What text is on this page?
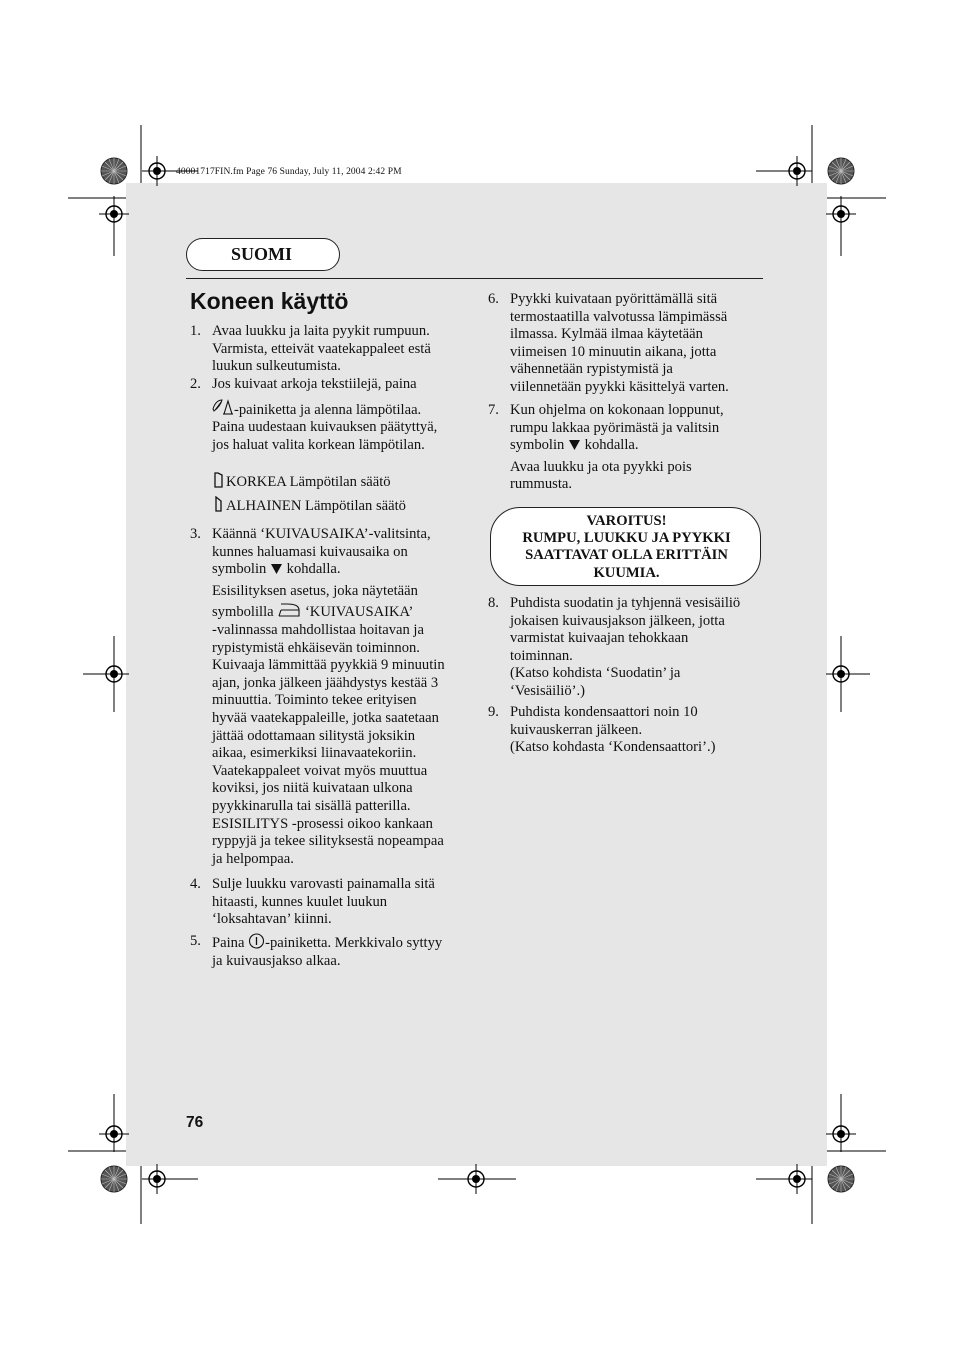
40001717FIN.fm Page 76 Sunday, July 11, 2004 2:42 PM
SUOMI
Koneen käyttö
1. Avaa luukku ja laita pyykit rumpuun.
Varmista, etteivät vaatekappaleet estä
luukun sulkeutumista.
2. Jos kuivaat arkoja tekstiilejä, paina
-painiketta ja alenna lämpötilaa.
Paina uudestaan kuivauksen päätyttyä,
jos haluat valita korkean lämpötilan.
KORKEA Lämpötilan säätö
ALHAINEN Lämpötilan säätö
3. Käännä ‘KUIVAUSAIKA’-valitsinta,
kunnes haluamasi kuivausaika on
symbolin kohdalla.
Esisilityksen asetus, joka näytetään
symbolilla ‘KUIVAUSAIKA’
-valinnassa mahdollistaa hoitavan ja
rypistymistä ehkäisevän toiminnon.
Kuivaaja lämmittää pyykkiä 9 minuutin
ajan, jonka jälkeen jäähdystys kestää 3
minuuttia. Toiminto tekee erityisen
hyvää vaatekappaleille, jotka saatetaan
jättää odottamaan silitystä joksikin
aikaa, esimerkiksi liinavaatekoriin.
Vaatekappaleet voivat myös muuttua
koviksi, jos niitä kuivataan ulkona
pyykkinarulla tai sisällä patterilla.
ESISILITYS -prosessi oikoo kankaan
ryppyjä ja tekee silityksestä nopeampaa
ja helpompaa.
4. Sulje luukku varovasti painamalla sitä
hitaasti, kunnes kuulet luukun
‘loksahtavan’ kiinni.
5. Paina -painiketta. Merkkivalo syttyy
ja kuivausjakso alkaa.
6. Pyykki kuivataan pyörittämällä sitä
termostaatilla valvotussa lämpimässä
ilmassa. Kylmää ilmaa käytetään
viimeisen 10 minuutin aikana, jotta
vähennetään rypistymistä ja
viilennetään pyykki käsittelyä varten.
7. Kun ohjelma on kokonaan loppunut,
rumpu lakkaa pyörimästä ja valitsin
symbolin kohdalla.
Avaa luukku ja ota pyykki pois
rummusta.
VAROITUS!
RUMPU, LUUKKU JA PYYKKI
SAATTAVAT OLLA ERITTÄIN
KUUMIA.
8. Puhdista suodatin ja tyhjennä vesisäiliö
jokaisen kuivausjakson jälkeen, jotta
varmistat kuivaajan tehokkaan
toiminnan.
(Katso kohdista ‘Suodatin’ ja
‘Vesisäiliö’.)
9. Puhdista kondensaattori noin 10
kuivauskerran jälkeen.
(Katso kohdasta ‘Kondensaattori’.)
76
